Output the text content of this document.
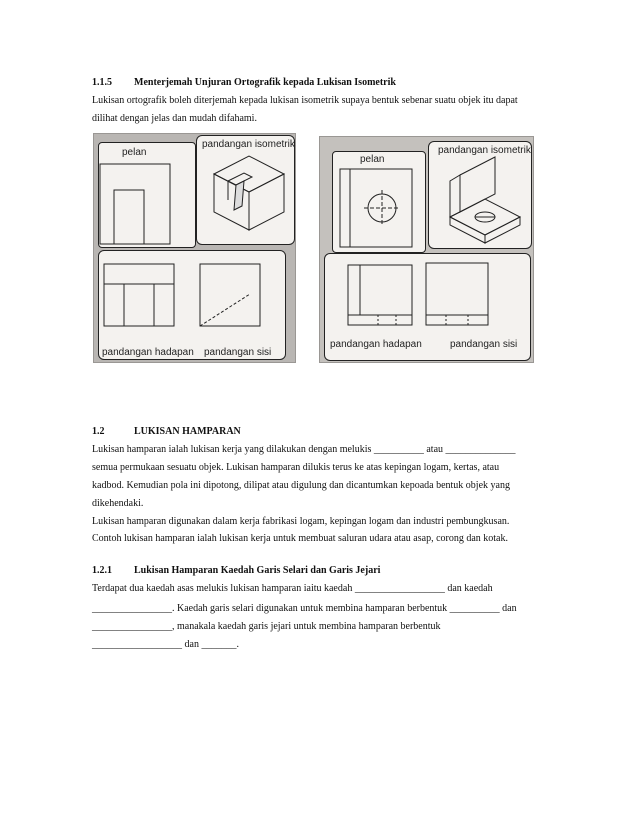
1.1.5 Menterjemah Unjuran Ortografik kepada Lukisan Isometrik
Lukisan ortografik boleh diterjemah kepada lukisan isometrik supaya bentuk sebenar suatu objek itu dapat
dilihat dengan jelas dan mudah difahami.
pelan
pandangan isometrik
pandangan hadapan pandangan sisi
pelan
pandangan isometrik
pandangan hadapan	pandangan sisi
1.2	LUKISAN HAMPARAN
Lukisan hamparan ialah lukisan kerja yang dilakukan dengan melukis __________ atau ______________
semua permukaan sesuatu objek. Lukisan hamparan dilukis terus ke atas kepingan logam, kertas, atau
kadbod. Kemudian pola ini dipotong, dilipat atau digulung dan dicantumkan kepoada bentuk objek yang
dikehendaki.
Lukisan hamparan digunakan dalam kerja fabrikasi logam, kepingan logam dan industri pembungkusan.
Contoh lukisan hamparan ialah lukisan kerja untuk membuat saluran udara atau asap, corong dan kotak.
1.2.1 Lukisan Hamparan Kaedah Garis Selari dan Garis Jejari
Terdapat dua kaedah asas melukis lukisan hamparan iaitu kaedah __________________ dan kaedah
________________. Kaedah garis selari digunakan untuk membina hamparan berbentuk __________ dan
________________, manakala kaedah garis jejari untuk membina hamparan berbentuk
__________________ dan _______.
